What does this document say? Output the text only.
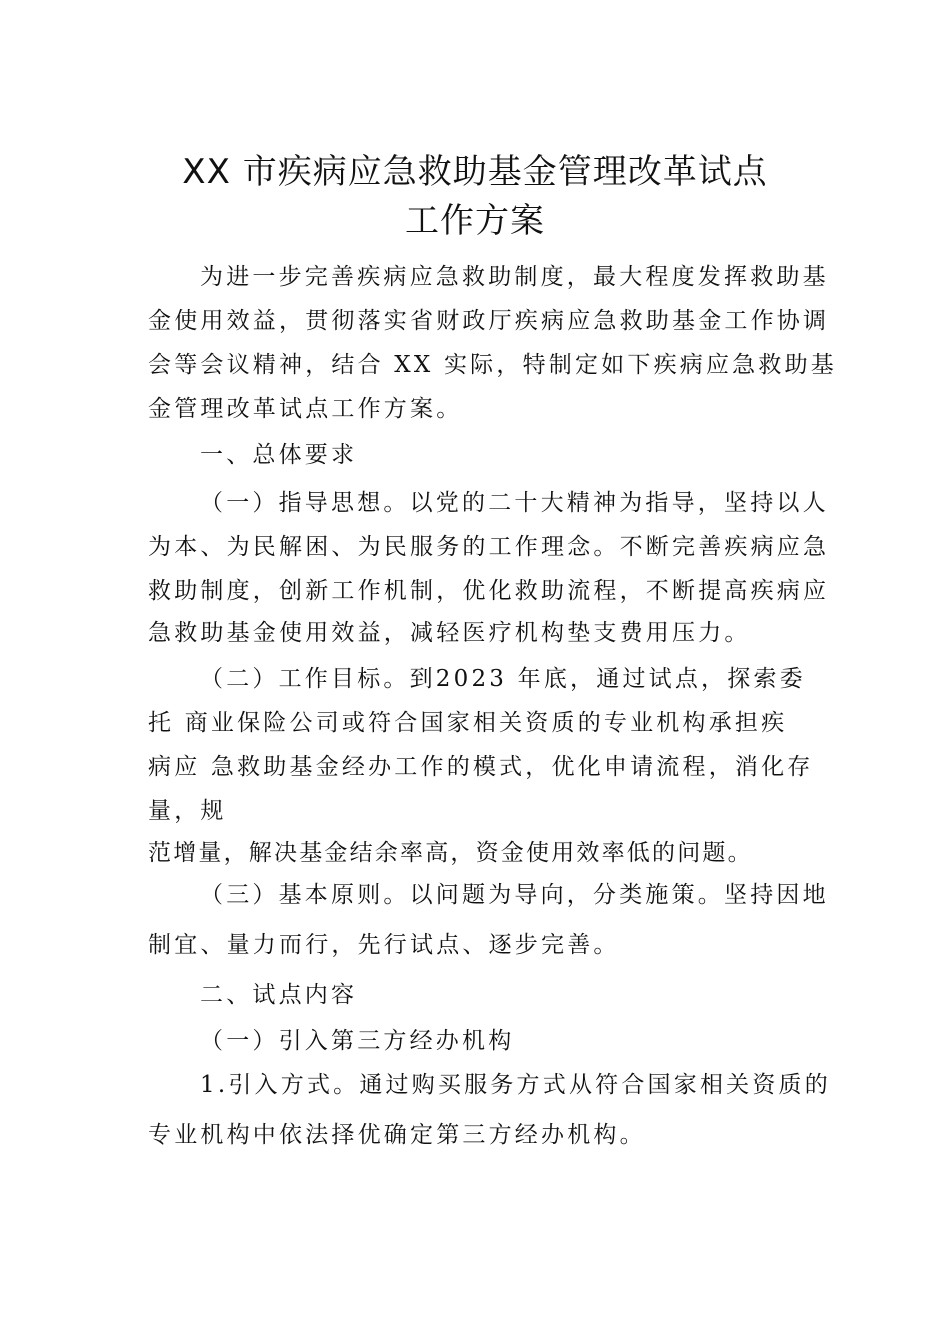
XX 市疾病应急救助基金管理改革试点
工作方案
为进一步完善疾病应急救助制度，最大程度发挥救助基
金使用效益，贯彻落实省财政厅疾病应急救助基金工作协调
会等会议精神，结合 XX 实际，特制定如下疾病应急救助基
金管理改革试点工作方案。
一、总体要求
（一）指导思想。以党的二十大精神为指导，坚持以人
为本、为民解困、为民服务的工作理念。不断完善疾病应急
救助制度，创新工作机制，优化救助流程，不断提高疾病应
急救助基金使用效益，减轻医疗机构垫支费用压力。
（二）工作目标。到2023 年底，通过试点，探索委
托 商业保险公司或符合国家相关资质的专业机构承担疾
病应 急救助基金经办工作的模式，优化申请流程，消化存
量，规
范增量，解决基金结余率高，资金使用效率低的问题。
（三）基本原则。以问题为导向，分类施策。坚持因地
制宜、量力而行，先行试点、逐步完善。
二、试点内容
（一）引入第三方经办机构
1.引入方式。通过购买服务方式从符合国家相关资质的
专业机构中依法择优确定第三方经办机构。
